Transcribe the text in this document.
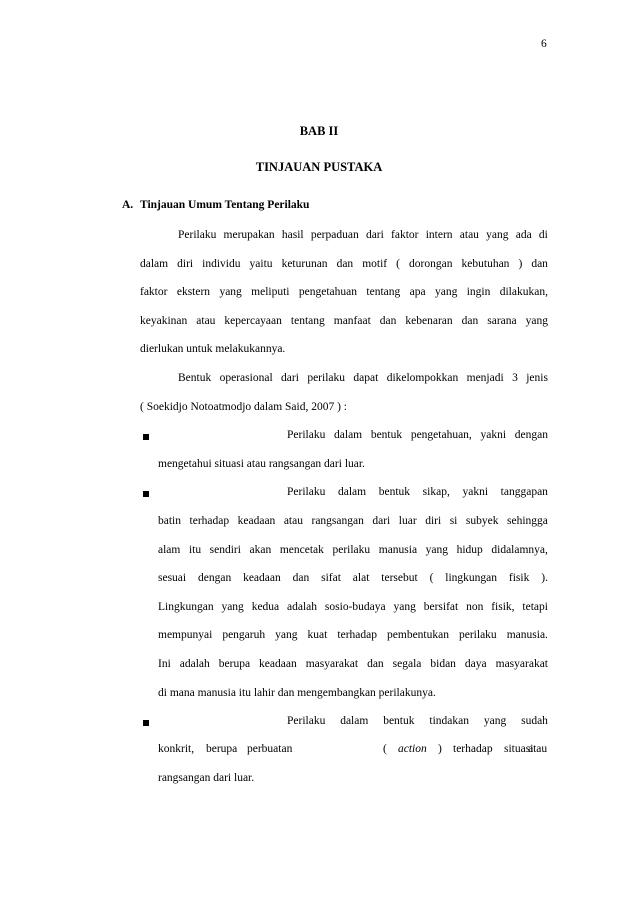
6
BAB II
TINJAUAN PUSTAKA
A. Tinjauan Umum Tentang Perilaku
Perilaku merupakan hasil perpaduan dari faktor intern atau yang ada di
dalam diri individu yaitu keturunan dan motif ( dorongan kebutuhan ) dan
faktor ekstern yang meliputi pengetahuan tentang apa yang ingin dilakukan,
keyakinan atau kepercayaan tentang manfaat dan kebenaran dan sarana yang
dierlukan untuk melakukannya.
Bentuk operasional dari perilaku dapat dikelompokkan menjadi 3 jenis
( Soekidjo Notoatmodjo dalam Said, 2007 ) :
Perilaku dalam bentuk pengetahuan, yakni dengan
mengetahui situasi atau rangsangan dari luar.
Perilaku dalam bentuk sikap, yakni tanggapan
batin terhadap keadaan atau rangsangan dari luar diri si subyek sehingga
alam itu sendiri akan mencetak perilaku manusia yang hidup didalamnya,
sesuai dengan keadaan dan sifat alat tersebut ( lingkungan fisik ).
Lingkungan yang kedua adalah sosio-budaya yang bersifat non fisik, tetapi
mempunyai pengaruh yang kuat terhadap pembentukan perilaku manusia.
Ini adalah berupa keadaan masyarakat dan segala bidan daya masyarakat
di mana manusia itu lahir dan mengembangkan perilakunya.
Perilaku dalam bentuk tindakan yang sudah
konkrit, berupa perbuatan	( action ) terhadap situasi
atau
rangsangan dari luar.
